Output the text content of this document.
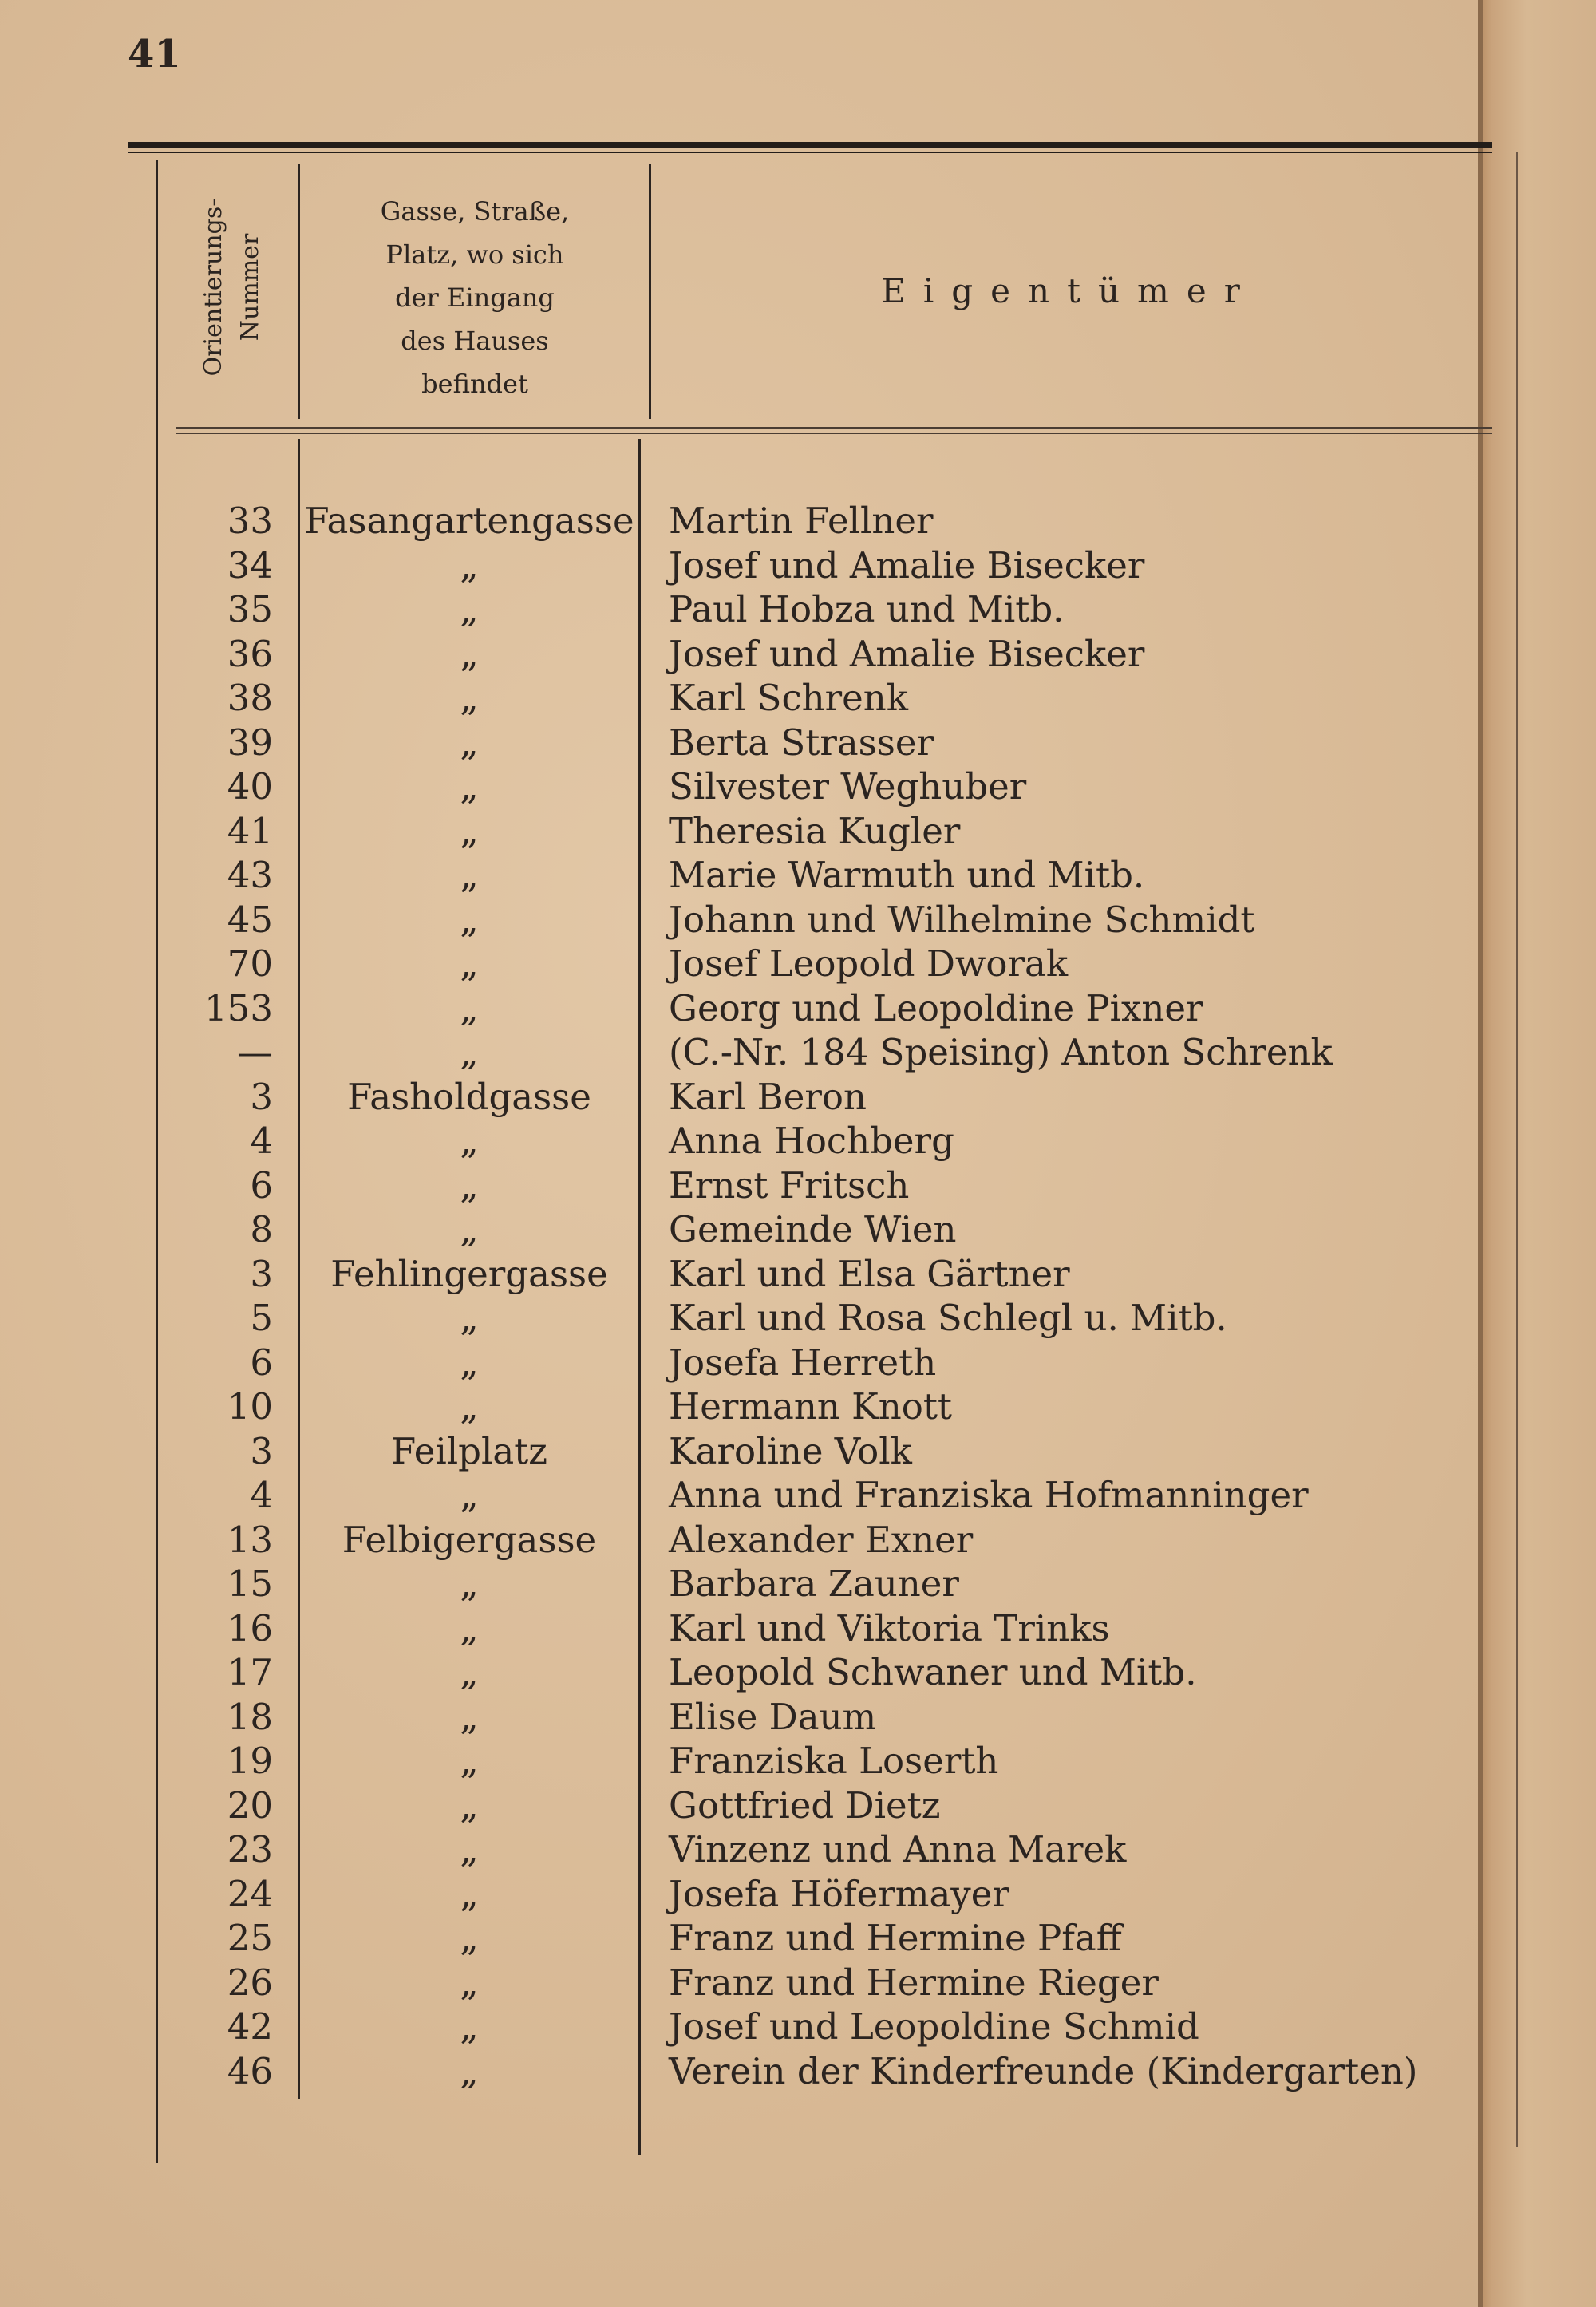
41
Orientierungs-
Nummer
Gasse, Straße,
Platz, wo sich
der Eingang
des Hauses
befindet
Eigentümer
33 Fasangartengasse Martin Fellner
34	„	Josef und Amalie Bisecker
35	„	Paul Hobza und Mitb.
36	„	Josef und Amalie Bisecker
38	„	Karl Schrenk
39	„	Berta Strasser
40	„	Silvester Weghuber
41	„	Theresia Kugler
43	„	Marie Warmuth und Mitb.
45	„	Johann und Wilhelmine Schmidt
70	„	Josef Leopold Dworak
153	„	Georg und Leopoldine Pixner
—	„	(C.-Nr. 184 Speising) Anton Schrenk
3	Fasholdgasse	Karl Beron
4	„	Anna Hochberg
6	„	Ernst Fritsch
8	„	Gemeinde Wien
3	Fehlingergasse	Karl und Elsa Gärtner
5	„	Karl und Rosa Schlegl u. Mitb.
6	„	Josefa Herreth
10	„	Hermann Knott
3	Feilplatz	Karoline Volk
4	„	Anna und Franziska Hofmanninger
13	Felbigergasse	Alexander Exner
15	„	Barbara Zauner
16	„	Karl und Viktoria Trinks
17	„	Leopold Schwaner und Mitb.
18	„	Elise Daum
19	„	Franziska Loserth
20	„	Gottfried Dietz
23	„	Vinzenz und Anna Marek
24	„	Josefa Höfermayer
25	„	Franz und Hermine Pfaff
26	„	Franz und Hermine Rieger
42	„	Josef und Leopoldine Schmid
46	„	Verein der Kinderfreunde (Kindergarten)
